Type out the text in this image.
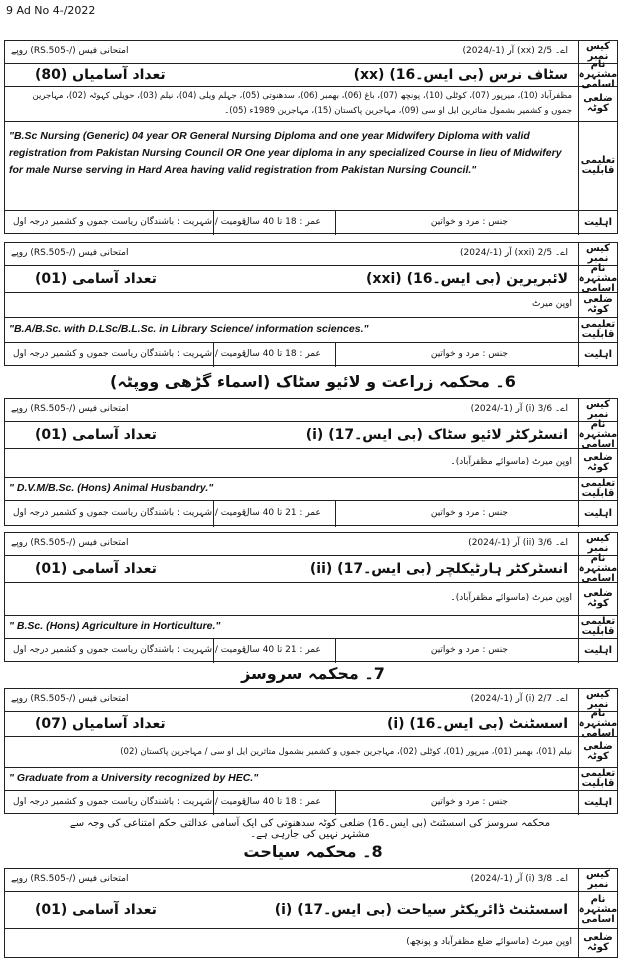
9 Ad No 4-/2022
کیس نمبر
امتحانی فیس (/-RS.505) روپے	اے۔ 2/5 (xx) آر (1-/2024)
نام مشتہرہ اسامی
تعداد آسامیاں (80)	(xx) سٹاف نرس (بی ایس۔16)
ضلعی کوٹہ
مظفرآباد (10)، میرپور (07)، کوٹلی (10)، پونچھ (07)، باغ (06)، بھمبر (06)، سدھنوتی (05)، جہلم ویلی (04)، نیلم (03)، حویلی کہوٹہ (02)، مہاجرین
جموں و کشمیر بشمول متاثرین ایل او سی (09)، مہاجرین پاکستان (15)، مہاجرین 1989ء (05)۔
تعلیمی قابلیت
"B.Sc Nursing (Generic) 04 year OR General Nursing Diploma and one year Midwifery Diploma with valid registration from Pakistan Nursing Council OR One year diploma in any specialized Course in lieu of Midwifery for male Nurse serving in Hard Area having valid registration from Pakistan Nursing Council."
اہلیت
قومیت / شہریت : باشندگان ریاست جموں و کشمیر درجہ اول
عمر : 18 تا 40 سال	جنس : مرد و خواتین
کیس نمبر
امتحانی فیس (/-RS.505) روپے	اے۔ 2/5 (xxi) آر (1-/2024)
نام مشتہرہ اسامی
تعداد آسامی (01)	(xxi) لائبریرین (بی ایس۔16)
ضلعی کوٹہ
اوپن میرٹ
تعلیمی قابلیت
"B.A/B.Sc. with D.LSc/B.L.Sc. in Library Science/ information sciences."
اہلیت
قومیت / شہریت : باشندگان ریاست جموں و کشمیر درجہ اول
عمر : 18 تا 40 سال	جنس : مرد و خواتین
6۔ محکمہ زراعت و لائیو سٹاک (اسماء گڑھی ووپٹہ)
کیس نمبر
امتحانی فیس (/-RS.505) روپے	اے۔ 3/6 (i) آر (1-/2024)
نام مشتہرہ اسامی
تعداد آسامی (01)	(i) انسٹرکٹر لائیو سٹاک (بی ایس۔17)
ضلعی کوٹہ
اوپن میرٹ (ماسوائے مظفرآباد)۔
تعلیمی قابلیت
" D.V.M/B.Sc. (Hons) Animal Husbandry."
اہلیت
قومیت / شہریت : باشندگان ریاست جموں و کشمیر درجہ اول
عمر : 21 تا 40 سال	جنس : مرد و خواتین
کیس نمبر
امتحانی فیس (/-RS.505) روپے	اے۔ 3/6 (ii) آر (1-/2024)
نام مشتہرہ اسامی
تعداد آسامی (01)	(ii) انسٹرکٹر ہارٹیکلچر (بی ایس۔17)
ضلعی کوٹہ
اوپن میرٹ (ماسوائے مظفرآباد)۔
تعلیمی قابلیت
" B.Sc. (Hons) Agriculture in Horticulture."
اہلیت
قومیت / شہریت : باشندگان ریاست جموں و کشمیر درجہ اول
عمر : 21 تا 40 سال	جنس : مرد و خواتین
7۔ محکمہ سروسز
کیس نمبر
امتحانی فیس (/-RS.505) روپے	اے۔ 2/7 (i) آر (1-/2024)
نام مشتہرہ اسامی
تعداد آسامیاں (07)	(i) اسسٹنٹ (بی ایس۔16)
ضلعی کوٹہ
نیلم (01)، بھمبر (01)، میرپور (01)، کوٹلی (02)، مہاجرین جموں و کشمیر بشمول متاثرین ایل او سی / مہاجرین پاکستان (02)
تعلیمی قابلیت
" Graduate from a University recognized by HEC."
اہلیت
قومیت / شہریت : باشندگان ریاست جموں و کشمیر درجہ اول
عمر : 18 تا 40 سال	جنس : مرد و خواتین
محکمہ سروسز کی اسسٹنٹ (بی ایس۔16) ضلعی کوٹہ سدھنوتی کی ایک آسامی عدالتی حکم امتناعی کی وجہ سے مشتہر نہیں کی جارہی ہے۔
8۔ محکمہ سیاحت
کیس نمبر
امتحانی فیس (/-RS.505) روپے	اے۔ 3/8 (i) آر (1-/2024)
نام مشتہرہ اسامی
تعداد آسامی (01)	(i) اسسٹنٹ ڈائریکٹر سیاحت (بی ایس۔17)
ضلعی کوٹہ
اوپن میرٹ (ماسوائے ضلع مظفرآباد و پونچھ)
